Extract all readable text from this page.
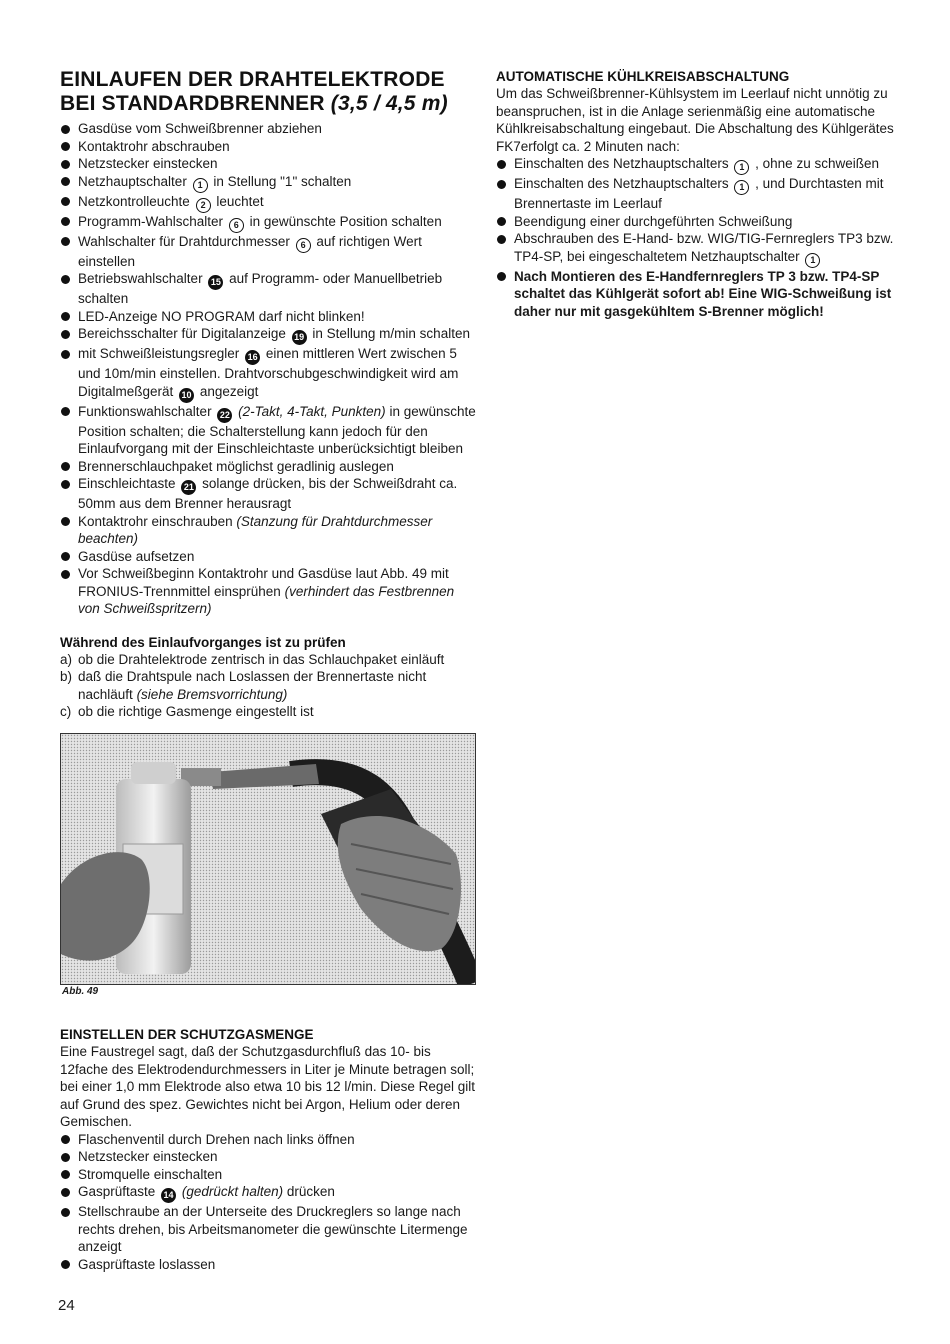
EINLAUFEN DER DRAHTELEKTRODE BEI STANDARDBRENNER (3,5 / 4,5 m)
Gasdüse vom Schweißbrenner abziehen
Kontaktrohr abschrauben
Netzstecker einstecken
Netzhauptschalter 1 in Stellung "1" schalten
Netzkontrolleuchte 2 leuchtet
Programm-Wahlschalter 6 in gewünschte Position schalten
Wahlschalter für Drahtdurchmesser 6 auf richtigen Wert einstellen
Betriebswahlschalter 15 auf Programm- oder Manuellbetrieb schalten
LED-Anzeige NO PROGRAM darf nicht blinken!
Bereichsschalter für Digitalanzeige 19 in Stellung m/min schalten
mit Schweißleistungsregler 16 einen mittleren Wert zwischen 5 und 10m/min einstellen. Drahtvorschubgeschwindigkeit wird am Digitalmeßgerät 10 angezeigt
Funktionswahlschalter 22 (2-Takt, 4-Takt, Punkten) in gewünschte Position schalten; die Schalterstellung kann jedoch für den Einlaufvorgang mit der Einschleichtaste unberücksichtigt bleiben
Brennerschlauchpaket möglichst geradlinig auslegen
Einschleichtaste 21 solange drücken, bis der Schweißdraht ca. 50mm aus dem Brenner herausragt
Kontaktrohr einschrauben (Stanzung für Drahtdurchmesser beachten)
Gasdüse aufsetzen
Vor Schweißbeginn Kontaktrohr und Gasdüse laut Abb. 49 mit FRONIUS-Trennmittel einsprühen (verhindert das Festbrennen von Schweißspritzern)
Während des Einlaufvorganges ist zu prüfen
a) ob die Drahtelektrode zentrisch in das Schlauchpaket einläuft
b) daß die Drahtspule nach Loslassen der Brennertaste nicht nachläuft (siehe Bremsvorrichtung)
c) ob die richtige Gasmenge eingestellt ist
Abb. 49
EINSTELLEN DER SCHUTZGASMENGE
Eine Faustregel sagt, daß der Schutzgasdurchfluß das 10- bis 12fache des Elektrodendurchmessers in Liter je Minute betragen soll; bei einer 1,0 mm Elektrode also etwa 10 bis 12 l/min. Diese Regel gilt auf Grund des spez. Gewichtes nicht bei Argon, Helium oder deren Gemischen.
Flaschenventil durch Drehen nach links öffnen
Netzstecker einstecken
Stromquelle einschalten
Gasprüftaste 14 (gedrückt halten) drücken
Stellschraube an der Unterseite des Druckreglers so lange nach rechts drehen, bis Arbeitsmanometer die gewünschte Litermenge anzeigt
Gasprüftaste loslassen
AUTOMATISCHE KÜHLKREISABSCHALTUNG
Um das Schweißbrenner-Kühlsystem im Leerlauf nicht unnötig zu beanspruchen, ist in die Anlage serienmäßig eine automatische Kühlkreisabschaltung eingebaut. Die Abschaltung des Kühlgerätes FK7erfolgt ca. 2 Minuten nach:
Einschalten des Netzhauptschalters 1 , ohne zu schweißen
Einschalten des Netzhauptschalters 1 , und Durchtasten mit Brennertaste im Leerlauf
Beendigung einer durchgeführten Schweißung
Abschrauben des E-Hand- bzw. WIG/TIG-Fernreglers TP3 bzw. TP4-SP, bei eingeschaltetem Netzhauptschalter 1
Nach Montieren des E-Handfernreglers TP 3 bzw. TP4-SP schaltet das Kühlgerät sofort ab! Eine WIG-Schweißung ist daher nur mit gasgekühltem S-Brenner möglich!
24
